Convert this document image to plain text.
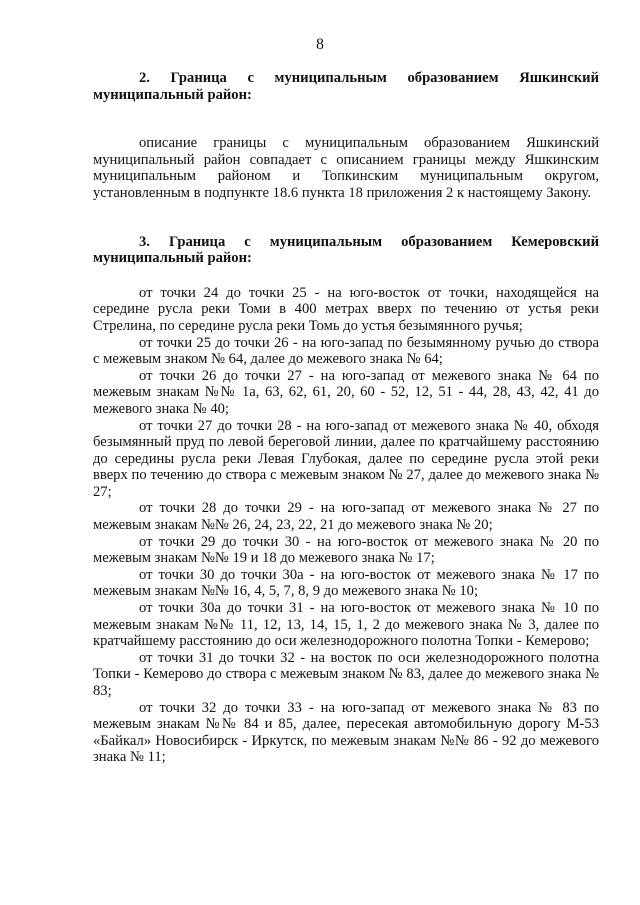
8

2. Граница с муниципальным образованием Яшкинский муниципальный район:

описание границы с муниципальным образованием Яшкинский муниципальный район совпадает с описанием границы между Яшкинским муниципальным районом и Топкинским муниципальным округом, установленным в подпункте 18.6 пункта 18 приложения 2 к настоящему Закону.

3. Граница с муниципальным образованием Кемеровский муниципальный район:

от точки 24 до точки 25 - на юго-восток от точки, находящейся на середине русла реки Томи в 400 метрах вверх по течению от устья реки Стрелина, по середине русла реки Томь до устья безымянного ручья;

от точки 25 до точки 26 - на юго-запад по безымянному ручью до створа с межевым знаком № 64, далее до межевого знака № 64;

от точки 26 до точки 27 - на юго-запад от межевого знака № 64 по межевым знакам №№ 1а, 63, 62, 61, 20, 60 - 52, 12, 51 - 44, 28, 43, 42, 41 до межевого знака № 40;

от точки 27 до точки 28 - на юго-запад от межевого знака № 40, обходя безымянный пруд по левой береговой линии, далее по кратчайшему расстоянию до середины русла реки Левая Глубокая, далее по середине русла этой реки вверх по течению до створа с межевым знаком № 27, далее до межевого знака № 27;

от точки 28 до точки 29 - на юго-запад от межевого знака № 27 по межевым знакам №№ 26, 24, 23, 22, 21 до межевого знака № 20;

от точки 29 до точки 30 - на юго-восток от межевого знака № 20 по межевым знакам №№ 19 и 18 до межевого знака № 17;

от точки 30 до точки 30а - на юго-восток от межевого знака № 17 по межевым знакам №№ 16, 4, 5, 7, 8, 9 до межевого знака № 10;

от точки 30а до точки 31 - на юго-восток от межевого знака № 10 по межевым знакам №№ 11, 12, 13, 14, 15, 1, 2 до межевого знака № 3, далее по кратчайшему расстоянию до оси железнодорожного полотна Топки - Кемерово;

от точки 31 до точки 32 - на восток по оси железнодорожного полотна Топки - Кемерово до створа с межевым знаком № 83, далее до межевого знака № 83;

от точки 32 до точки 33 - на юго-запад от межевого знака № 83 по межевым знакам №№ 84 и 85, далее, пересекая автомобильную дорогу М-53 «Байкал» Новосибирск - Иркутск, по межевым знакам №№ 86 - 92 до межевого знака № 11;
